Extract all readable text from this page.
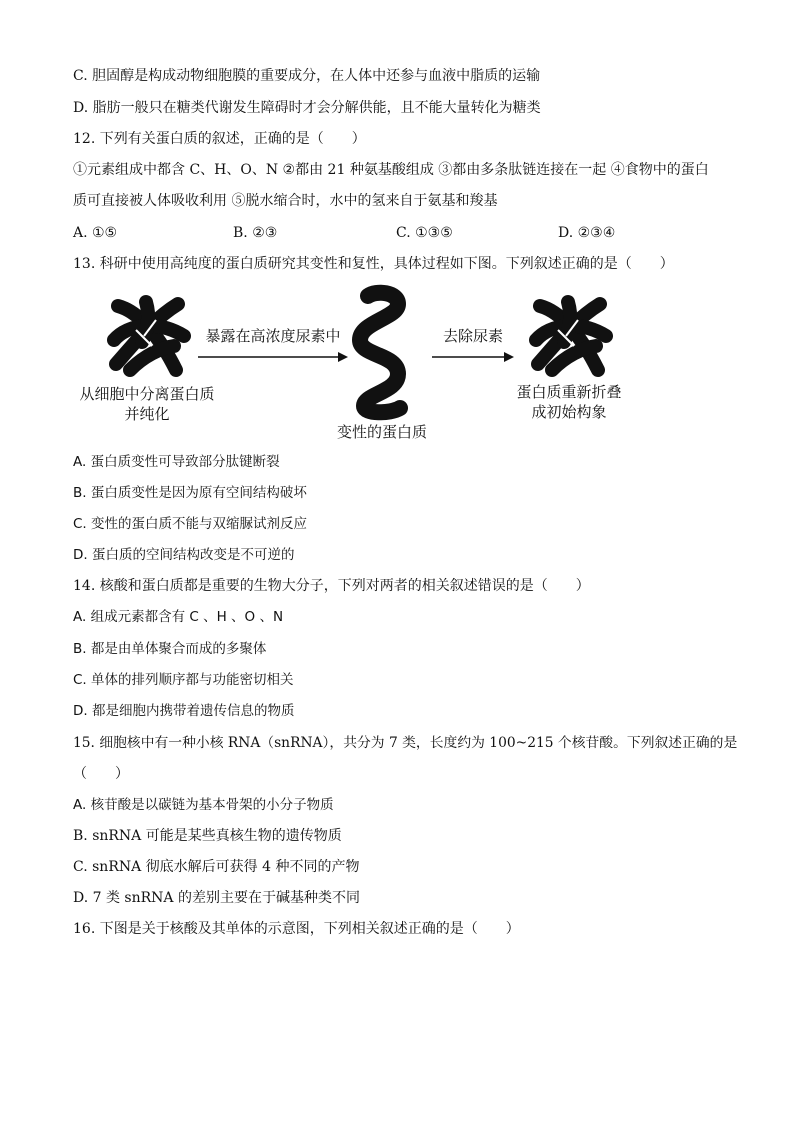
C. 胆固醇是构成动物细胞膜的重要成分，在人体中还参与血液中脂质的运输
D. 脂肪一般只在糖类代谢发生障碍时才会分解供能，且不能大量转化为糖类
12. 下列有关蛋白质的叙述，正确的是（　　）
①元素组成中都含 C、H、O、N ②都由 21 种氨基酸组成 ③都由多条肽链连接在一起 ④食物中的蛋白
质可直接被人体吸收利用 ⑤脱水缩合时，水中的氢来自于氨基和羧基
A. ①⑤	B. ②③	C. ①③⑤	D. ②③④
13. 科研中使用高纯度的蛋白质研究其变性和复性，具体过程如下图。下列叙述正确的是（　　）
暴露在高浓度尿素中	去除尿素
从细胞中分离蛋白质
并纯化
变性的蛋白质
蛋白质重新折叠
成初始构象
A. 蛋白质变性可导致部分肽键断裂
B. 蛋白质变性是因为原有空间结构破坏
C. 变性的蛋白质不能与双缩脲试剂反应
D. 蛋白质的空间结构改变是不可逆的
14. 核酸和蛋白质都是重要的生物大分子，下列对两者的相关叙述错误的是（　　）
A. 组成元素都含有 C 、H 、O 、N
B. 都是由单体聚合而成的多聚体
C. 单体的排列顺序都与功能密切相关
D. 都是细胞内携带着遗传信息的物质
15. 细胞核中有一种小核 RNA（snRNA），共分为 7 类，长度约为 100~215 个核苷酸。下列叙述正确的是
（　　）
A. 核苷酸是以碳链为基本骨架的小分子物质
B. snRNA 可能是某些真核生物的遗传物质
C. snRNA 彻底水解后可获得 4 种不同的产物
D. 7 类 snRNA 的差别主要在于碱基种类不同
16. 下图是关于核酸及其单体的示意图，下列相关叙述正确的是（　　）
